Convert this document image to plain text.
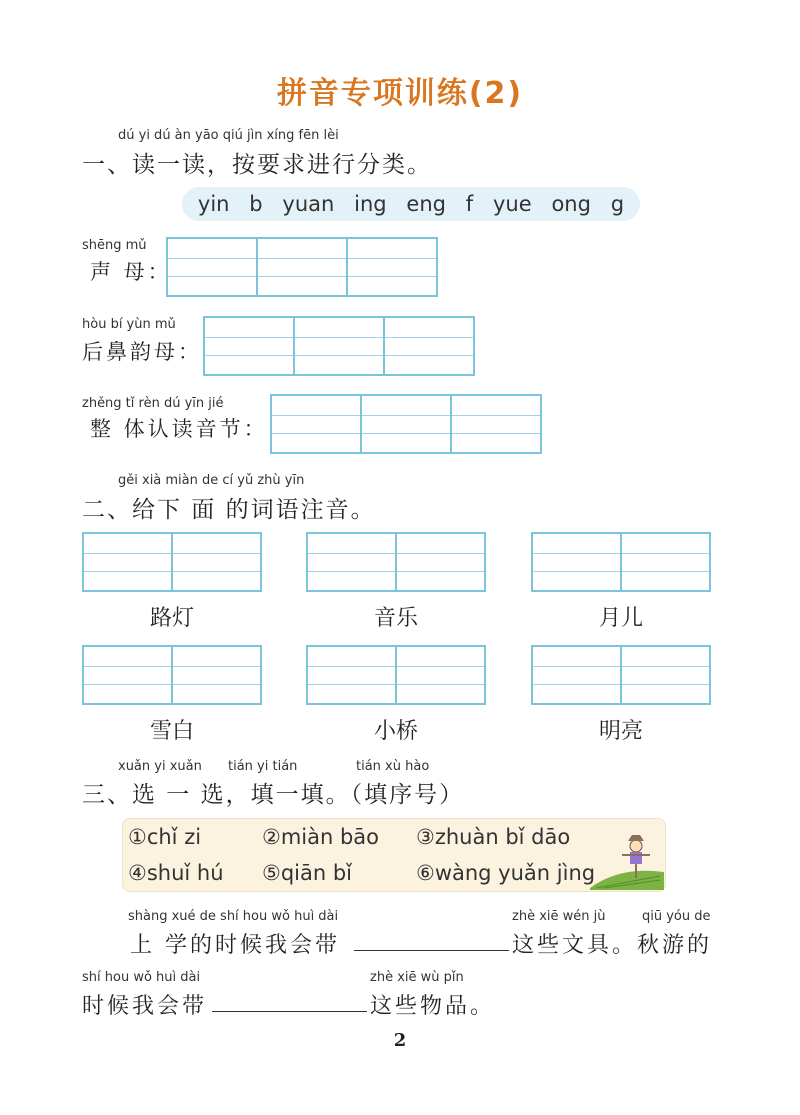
拼音专项训练(2)
dú yi dú àn yāo qiú jìn xíng fēn lèi
一、读一读，按要求进行分类。
yin b yuan ing eng f yue ong g
shēng mǔ
声 母：
hòu bí yùn mǔ
后鼻韵母：
zhěng tǐ rèn dú yīn jié
整 体认读音节：
gěi xià miàn de cí yǔ zhù yīn
二、给下 面 的词语注音。
路灯	音乐	月儿
雪白	小桥	明亮
xuǎn yi xuǎn tián yi tián	tián xù hào
三、选 一 选，填一填。（填序号）
①chǐ zi	②miàn bāo ③zhuàn bǐ dāo
④shuǐ hú ⑤qiān bǐ	⑥wàng yuǎn jìng
shàng xué de shí hou wǒ huì dài	zhè xiē wén jù	qiū yóu de
上 学的时候我会带	这些文具。秋游的
shí hou wǒ huì dài	zhè xiē wù pǐn
时候我会带	这些物品。
2
